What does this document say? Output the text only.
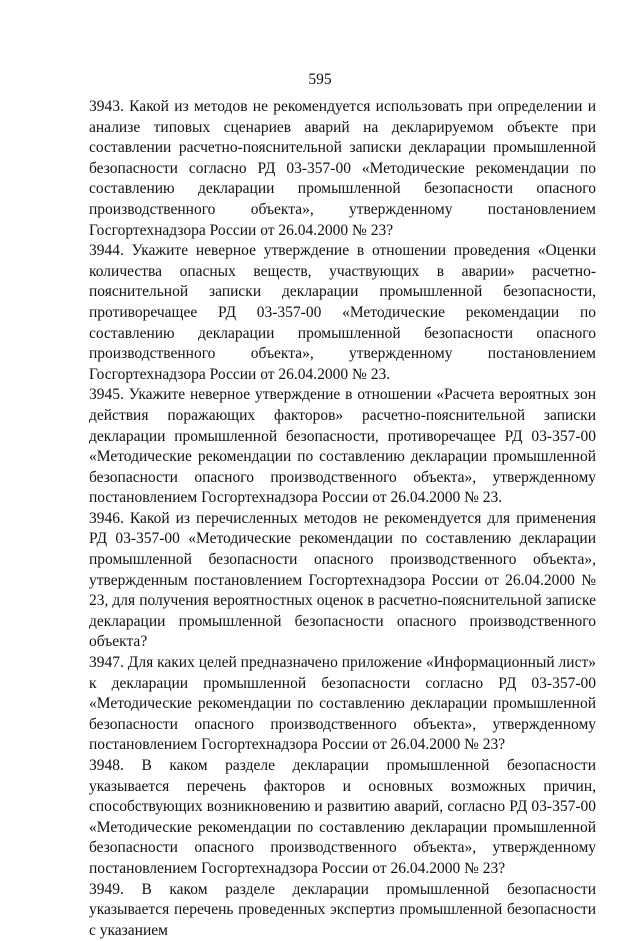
595

3943. Какой из методов не рекомендуется использовать при определении и анализе типовых сценариев аварий на декларируемом объекте при составлении расчетно-пояснительной записки декларации промышленной безопасности согласно РД 03-357-00 «Методические рекомендации по составлению декларации промышленной безопасности опасного производственного объекта», утвержденному постановлением Госгортехнадзора России от 26.04.2000 № 23?

3944. Укажите неверное утверждение в отношении проведения «Оценки количества опасных веществ, участвующих в аварии» расчетно-пояснительной записки декларации промышленной безопасности, противоречащее РД 03-357-00 «Методические рекомендации по составлению декларации промышленной безопасности опасного производственного объекта», утвержденному постановлением Госгортехнадзора России от 26.04.2000 № 23.

3945. Укажите неверное утверждение в отношении «Расчета вероятных зон действия поражающих факторов» расчетно-пояснительной записки декларации промышленной безопасности, противоречащее РД 03-357-00 «Методические рекомендации по составлению декларации промышленной безопасности опасного производственного объекта», утвержденному постановлением Госгортехнадзора России от 26.04.2000 № 23.

3946. Какой из перечисленных методов не рекомендуется для применения РД 03-357-00 «Методические рекомендации по составлению декларации промышленной безопасности опасного производственного объекта», утвержденным постановлением Госгортехнадзора России от 26.04.2000 № 23, для получения вероятностных оценок в расчетно-пояснительной записке декларации промышленной безопасности опасного производственного объекта?

3947. Для каких целей предназначено приложение «Информационный лист» к декларации промышленной безопасности согласно РД 03-357-00 «Методические рекомендации по составлению декларации промышленной безопасности опасного производственного объекта», утвержденному постановлением Госгортехнадзора России от 26.04.2000 № 23?

3948. В каком разделе декларации промышленной безопасности указывается перечень факторов и основных возможных причин, способствующих возникновению и развитию аварий, согласно РД 03-357-00 «Методические рекомендации по составлению декларации промышленной безопасности опасного производственного объекта», утвержденному постановлением Госгортехнадзора России от 26.04.2000 № 23?

3949. В каком разделе декларации промышленной безопасности указывается перечень проведенных экспертиз промышленной безопасности с указанием
